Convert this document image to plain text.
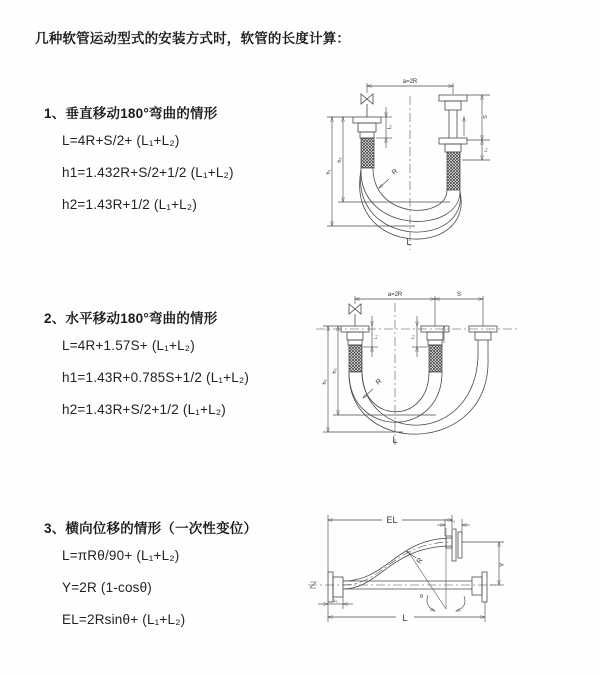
几种软管运动型式的安装方式时，软管的长度计算：
1、垂直移动180°弯曲的情形
L=4R+S/2+ (L₁+L₂)
h1=1.432R+S/2+1/2 (L₁+L₂)
h2=1.43R+1/2 (L₁+L₂)
a=2R
R
h₂
h₁
L₁
S
L₂
L
2、水平移动180°弯曲的情形
L=4R+1.57S+ (L₁+L₂)
h1=1.43R+0.785S+1/2 (L₁+L₂)
h2=1.43R+S/2+1/2 (L₁+L₂)
a=2R	S
R
h₂
h₁
L₁	L₂
L
3、横向位移的情形（一次性变位）
L=πRθ/90+ (L₁+L₂)
Y=2R (1-cosθ)
EL=2Rsinθ+ (L₁+L₂)
EL	L₂
R
θ
Y
L₁
L
